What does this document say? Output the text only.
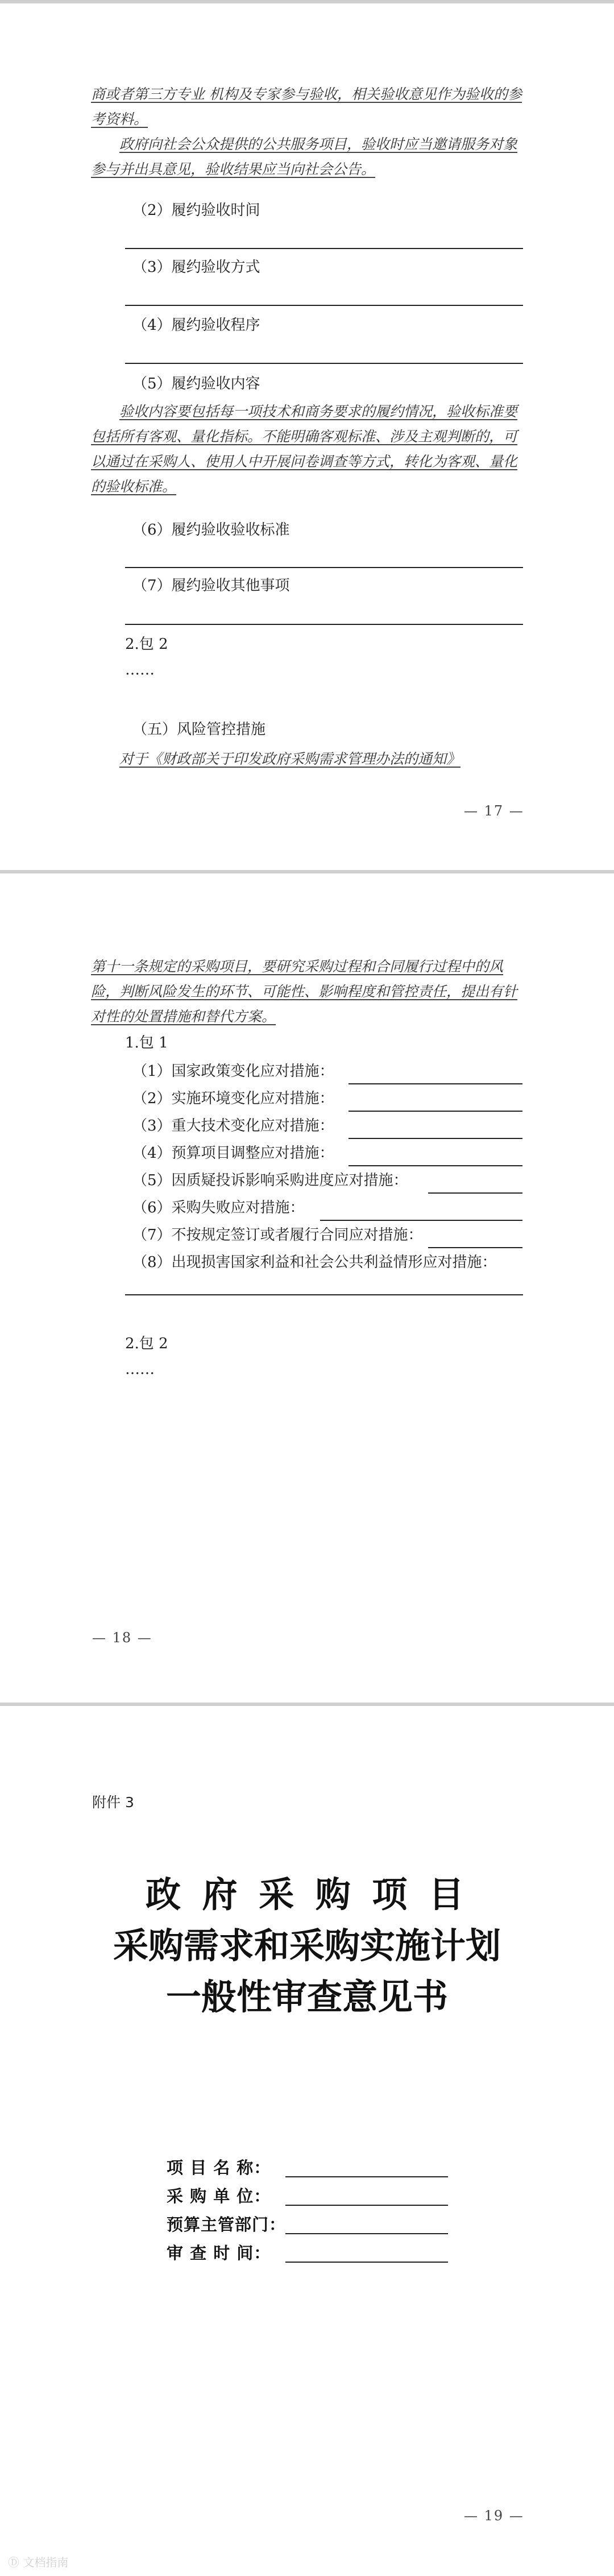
商或者第三方专业 机构及专家参与验收，相关验收意见作为验收的参考资料。

政府向社会公众提供的公共服务项目，验收时应当邀请服务对象参与并出具意见，验收结果应当向社会公告。

（2）履约验收时间
（3）履约验收方式
（4）履约验收程序
（5）履约验收内容

验收内容要包括每一项技术和商务要求的履约情况，验收标准要包括所有客观、量化指标。不能明确客观标准、涉及主观判断的，可以通过在采购人、使用人中开展问卷调查等方式，转化为客观、量化的验收标准。

（6）履约验收验收标准
（7）履约验收其他事项
2.包 2
……
（五）风险管控措施

对于《财政部关于印发政府采购需求管理办法的通知》

— 17 —

第十一条规定的采购项目，要研究采购过程和合同履行过程中的风险，判断风险发生的环节、可能性、影响程度和管控责任，提出有针对性的处置措施和替代方案。

1.包 1
（1）国家政策变化应对措施：
（2）实施环境变化应对措施：
（3）重大技术变化应对措施：
（4）预算项目调整应对措施：
（5）因质疑投诉影响采购进度应对措施：
（6）采购失败应对措施：
（7）不按规定签订或者履行合同应对措施：
（8）出现损害国家利益和社会公共利益情形应对措施：
2.包 2
……
— 18 —
附件 3
政 府 采 购 项 目
采购需求和采购实施计划
一般性审查意见书
项 目 名 称：
采 购 单 位：
预算主管部门：
审 查 时 间：
— 19 —
Ⓓ 文档指南
